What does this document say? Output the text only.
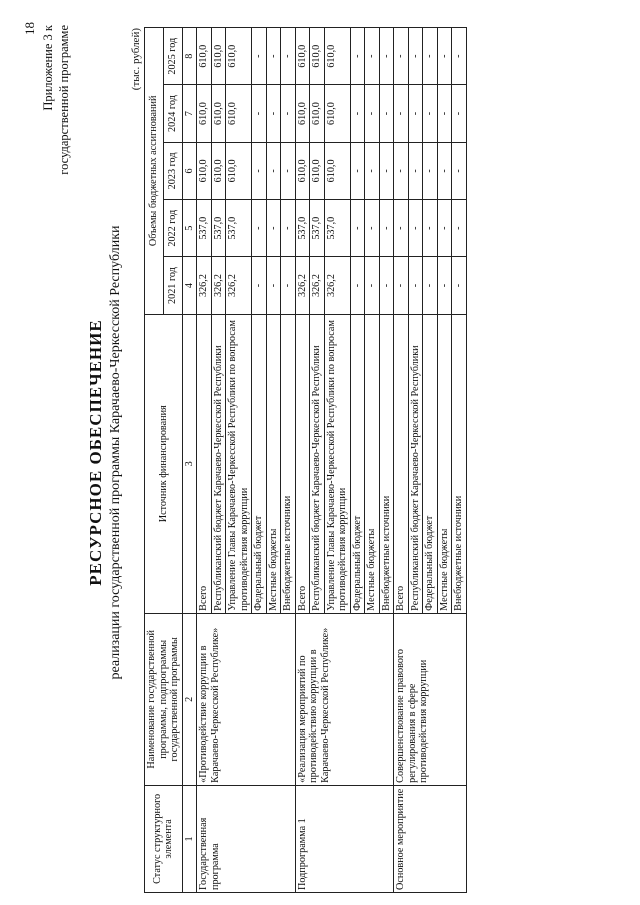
18 Приложение 3 к государственной программе
РЕСУРСНОЕ ОБЕСПЕЧЕНИЕ реализации государственной программы Карачаево-Черкесской Республики
(тыс. рублей)
Статус структурного элемента	Наименование государственной программы, подпрограммы государственной программы	Источник финансирования	Объемы бюджетных ассигнований				
			2021 год	2022 год	2023 год	2024 год	2025 год
1	2	3	4	5	6	7	8
Государственная программа	«Противодействие коррупции в Карачаево-Черкесской Республике»	Всего	326,2	537,0	610,0	610,0	610,0
		Республиканский бюджет Карачаево-Черкесской Республики	326,2	537,0	610,0	610,0	610,0
		Управление Главы Карачаево-Черкесской Республики по вопросам противодействия коррупции	326,2	537,0	610,0	610,0	610,0
		Федеральный бюджет	-	-	-	-	-
		Местные бюджеты	-	-	-	-	-
		Внебюджетные источники	-	-	-	-	-
Подпрограмма 1	«Реализация мероприятий по противодействию коррупции в Карачаево-Черкесской Республике»	Всего	326,2	537,0	610,0	610,0	610,0
		Республиканский бюджет Карачаево-Черкесской Республики	326,2	537,0	610,0	610,0	610,0
		Управление Главы Карачаево-Черкесской Республики по вопросам противодействия коррупции	326,2	537,0	610,0	610,0	610,0
		Федеральный бюджет	-	-	-	-	-
		Местные бюджеты	-	-	-	-	-
		Внебюджетные источники	-	-	-	-	-
Основное мероприятие	Совершенствование правового регулирования в сфере противодействия коррупции	Всего	-	-	-	-	-
		Республиканский бюджет Карачаево-Черкесской Республики	-	-	-	-	-
		Федеральный бюджет	-	-	-	-	-
		Местные бюджеты	-	-	-	-	-
		Внебюджетные источники	-	-	-	-	-
